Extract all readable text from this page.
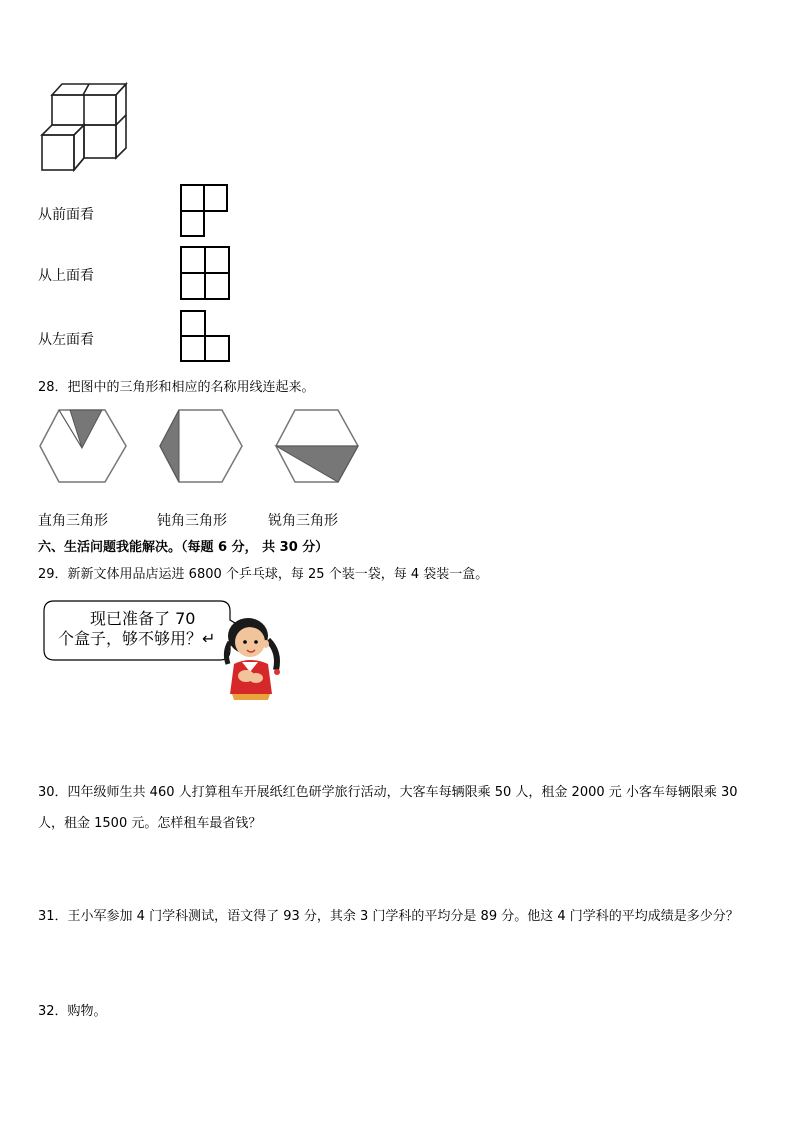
从前面看
从上面看
从左面看
28．把图中的三角形和相应的名称用线连起来。
直角三角形	钝角三角形	锐角三角形
六、生活问题我能解决。（每题 6 分， 共 30 分）
29．新新文体用品店运进 6800 个乒乓球，每 25 个装一袋，每 4 袋装一盒。
现已准备了 70
个盒子，够不够用？↵
30．四年级师生共 460 人打算租车开展纸红色研学旅行活动，大客车每辆限乘 50 人，租金 2000 元 小客车每辆限乘 30
人，租金 1500 元。怎样租车最省钱？
31．王小军参加 4 门学科测试，语文得了 93 分，其余 3 门学科的平均分是 89 分。他这 4 门学科的平均成绩是多少分？
32．购物。
